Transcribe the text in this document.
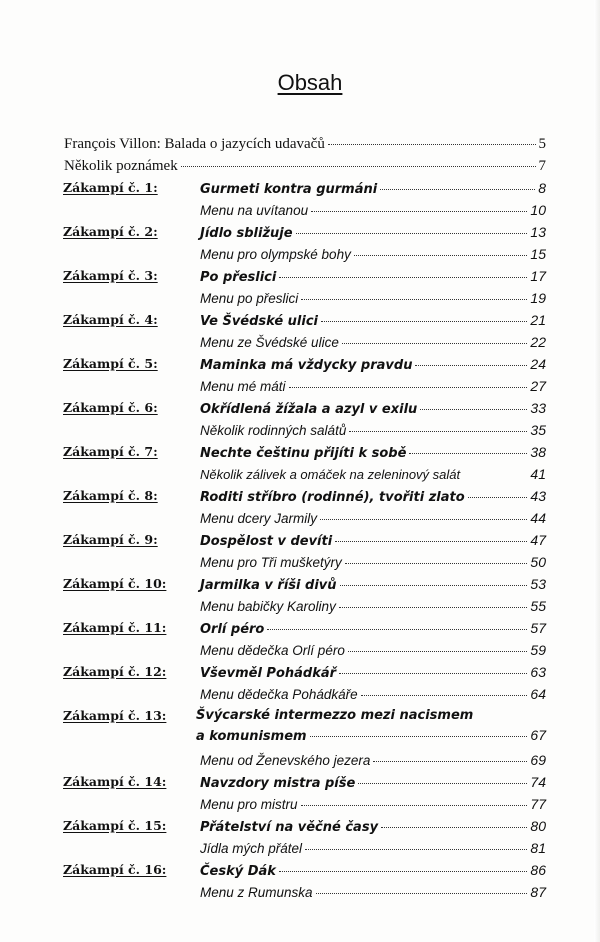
Obsah
François Villon: Balada o jazycích udavačů	5
Několik poznámek	7
Zákampí č. 1:	Gurmeti kontra gurmáni	8
Menu na uvítanou	10
Zákampí č. 2:	Jídlo sbližuje	13
Menu pro olympské bohy	15
Zákampí č. 3:	Po přeslici	17
Menu po přeslici	19
Zákampí č. 4:	Ve Švédské ulici	21
Menu ze Švédské ulice	22
Zákampí č. 5:	Maminka má vždycky pravdu	24
Menu mé máti	27
Zákampí č. 6:	Okřídlená žížala a azyl v exilu	33
Několik rodinných salátů	35
Zákampí č. 7:	Nechte češtinu přijíti k sobě	38
Několik zálivek a omáček na zeleninový salát	41
Zákampí č. 8:	Roditi stříbro (rodinné), tvořiti zlato	43
Menu dcery Jarmily	44
Zákampí č. 9:	Dospělost v devíti	47
Menu pro Tři mušketýry	50
Zákampí č. 10:	Jarmilka v říši divů	53
Menu babičky Karoliny	55
Zákampí č. 11:	Orlí péro	57
Menu dědečka Orlí péro	59
Zákampí č. 12:	Vševměl Pohádkář	63
Menu dědečka Pohádkáře	64
Zákampí č. 13:	Švýcarské intermezzo mezi nacismem
a komunismem	67
Menu od Ženevského jezera	69
Zákampí č. 14:	Navzdory mistra píše	74
Menu pro mistru	77
Zákampí č. 15:	Přátelství na věčné časy	80
Jídla mých přátel	81
Zákampí č. 16:	Český Dák	86
Menu z Rumunska	87
